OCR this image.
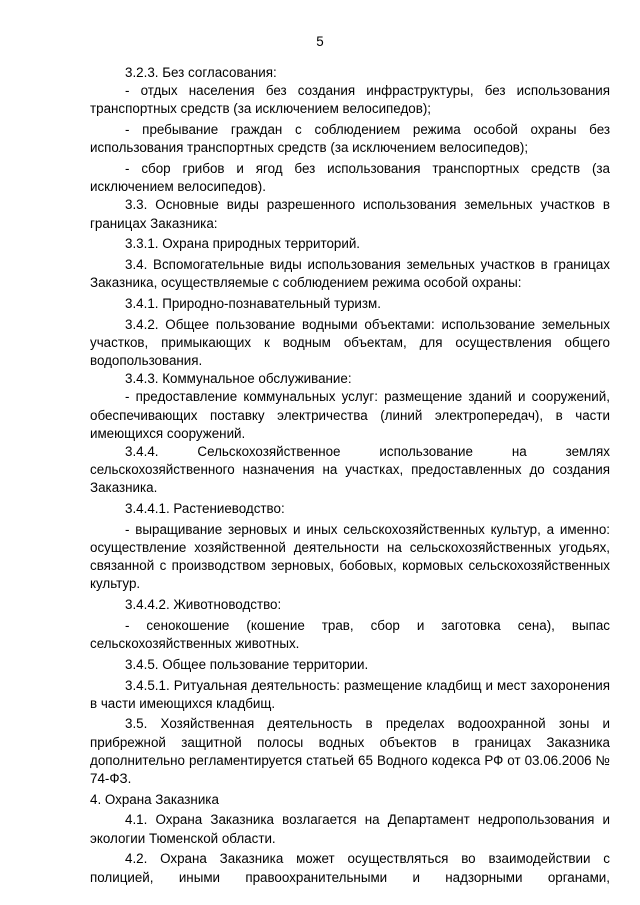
5

3.2.3. Без согласования:

- отдых населения без создания инфраструктуры, без использования транспортных средств (за исключением велосипедов);

- пребывание граждан с соблюдением режима особой охраны без использования транспортных средств (за исключением велосипедов);

- сбор грибов и ягод без использования транспортных средств (за исключением велосипедов).

3.3. Основные виды разрешенного использования земельных участков в границах Заказника:

3.3.1. Охрана природных территорий.

3.4. Вспомогательные виды использования земельных участков в границах Заказника, осуществляемые с соблюдением режима особой охраны:

3.4.1. Природно-познавательный туризм.

3.4.2. Общее пользование водными объектами: использование земельных участков, примыкающих к водным объектам, для осуществления общего водопользования.

3.4.3. Коммунальное обслуживание:

- предоставление коммунальных услуг: размещение зданий и сооружений, обеспечивающих поставку электричества (линий электропередач), в части имеющихся сооружений.

3.4.4. Сельскохозяйственное использование на землях сельскохозяйственного назначения на участках, предоставленных до создания Заказника.

3.4.4.1. Растениеводство:

- выращивание зерновых и иных сельскохозяйственных культур, а именно: осуществление хозяйственной деятельности на сельскохозяйственных угодьях, связанной с производством зерновых, бобовых, кормовых сельскохозяйственных культур.

3.4.4.2. Животноводство:

- сенокошение (кошение трав, сбор и заготовка сена), выпас сельскохозяйственных животных.

3.4.5. Общее пользование территории.

3.4.5.1. Ритуальная деятельность: размещение кладбищ и мест захоронения в части имеющихся кладбищ.

3.5. Хозяйственная деятельность в пределах водоохранной зоны и прибрежной защитной полосы водных объектов в границах Заказника дополнительно регламентируется статьей 65 Водного кодекса РФ от 03.06.2006 № 74-ФЗ.

4. Охрана Заказника

4.1. Охрана Заказника возлагается на Департамент недропользования и экологии Тюменской области.

4.2. Охрана Заказника может осуществляться во взаимодействии с полицией, иными правоохранительными и надзорными органами,
